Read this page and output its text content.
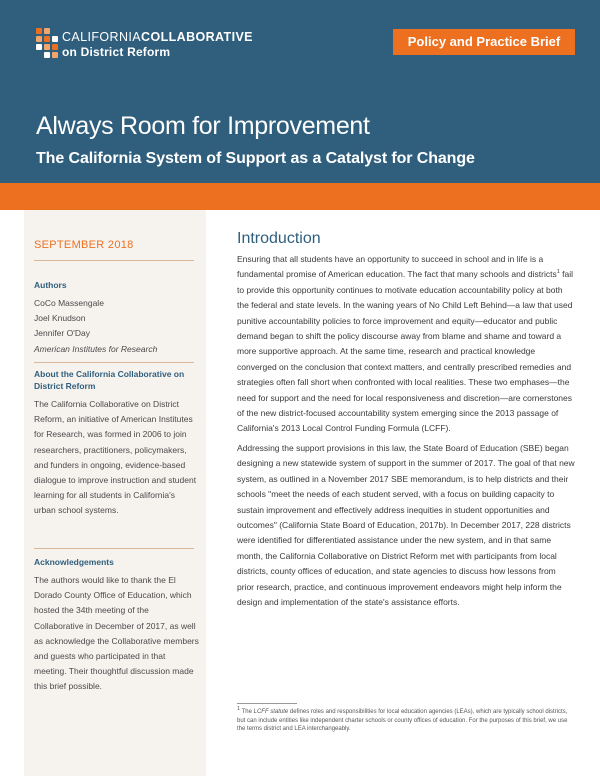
CALIFORNIACOLLABORATIVE
on District Reform
Policy and Practice Brief
Always Room for Improvement
The California System of Support as a Catalyst for Change
SEPTEMBER 2018
Authors
CoCo Massengale
Joel Knudson
Jennifer O'Day
American Institutes for Research
About the California Collaborative on District Reform
The California Collaborative on District Reform, an initiative of American Institutes for Research, was formed in 2006 to join researchers, practitioners, policymakers, and funders in ongoing, evidence-based dialogue to improve instruction and student learning for all students in California's urban school systems.
Acknowledgements
The authors would like to thank the El Dorado County Office of Education, which hosted the 34th meeting of the Collaborative in December of 2017, as well as acknowledge the Collaborative members and guests who participated in that meeting. Their thoughtful discussion made this brief possible.
Introduction

Ensuring that all students have an opportunity to succeed in school and in life is a fundamental promise of American education. The fact that many schools and districts$^1$ fail to provide this opportunity continues to motivate education accountability policy at both the federal and state levels. In the waning years of No Child Left Behind—a law that used punitive accountability policies to force improvement and equity—educator and public demand began to shift the policy discourse away from blame and shame and toward a more supportive approach. At the same time, research and practical knowledge converged on the conclusion that context matters, and centrally prescribed remedies and strategies often fall short when confronted with local realities. These two emphases—the need for support and the need for local responsiveness and discretion—are cornerstones of the new district-focused accountability system emerging since the 2013 passage of California's 2013 Local Control Funding Formula (LCFF).

Addressing the support provisions in this law, the State Board of Education (SBE) began designing a new statewide system of support in the summer of 2017. The goal of that new system, as outlined in a November 2017 SBE memorandum, is to help districts and their schools "meet the needs of each student served, with a focus on building capacity to sustain improvement and effectively address inequities in student opportunities and outcomes" (California State Board of Education, 2017b). In December 2017, 228 districts were identified for differentiated assistance under the new system, and in that same month, the California Collaborative on District Reform met with participants from local districts, county offices of education, and state agencies to discuss how lessons from prior research, practice, and continuous improvement endeavors might help inform the design and implementation of the state's assistance efforts.

$^1$ The LCFF statute defines roles and responsibilities for local education agencies (LEAs), which are typically school districts, but can include entities like independent charter schools or county offices of education. For the purposes of this brief, we use the terms district and LEA interchangeably.
